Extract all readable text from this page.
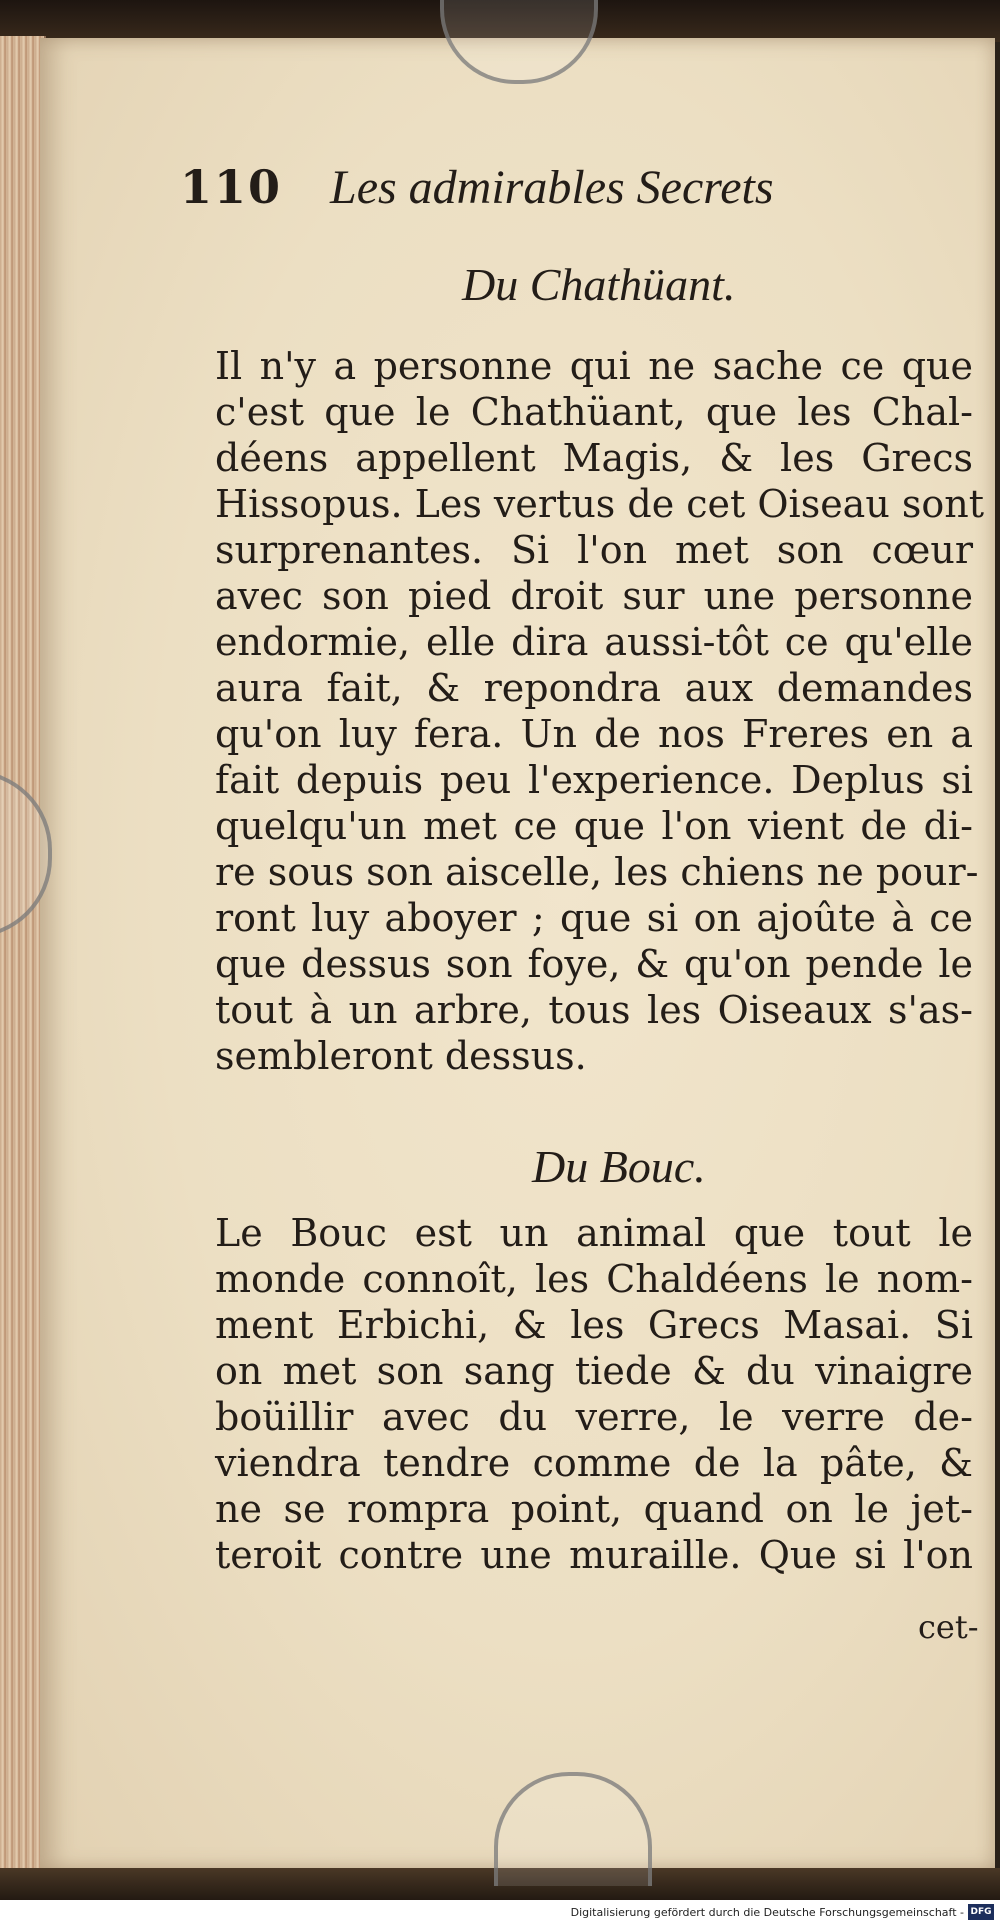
110 Les admirables Secrets
Du Chathüant.
Il n'y a personne qui ne sache ce que
c'est que le Chathüant, que les Chal-
déens appellent Magis, & les Grecs
Hissopus. Les vertus de cet Oiseau sont
surprenantes. Si l'on met son cœur
avec son pied droit sur une personne
endormie, elle dira aussi-tôt ce qu'elle
aura fait, & repondra aux demandes
qu'on luy fera. Un de nos Freres en a
fait depuis peu l'experience. Deplus si
quelqu'un met ce que l'on vient de di-
re sous son aiscelle, les chiens ne pour-
ront luy aboyer ; que si on ajoûte à ce
que dessus son foye, & qu'on pende le
tout à un arbre, tous les Oiseaux s'as-
sembleront dessus.
Du Bouc.
Le Bouc est un animal que tout le
monde connoît, les Chaldéens le nom-
ment Erbichi, & les Grecs Masai. Si
on met son sang tiede & du vinaigre
boüillir avec du verre, le verre de-
viendra tendre comme de la pâte, &
ne se rompra point, quand on le jet-
teroit contre une muraille. Que si l'on
cet-
Digitalisierung gefördert durch die Deutsche Forschungsgemeinschaft - DFG
